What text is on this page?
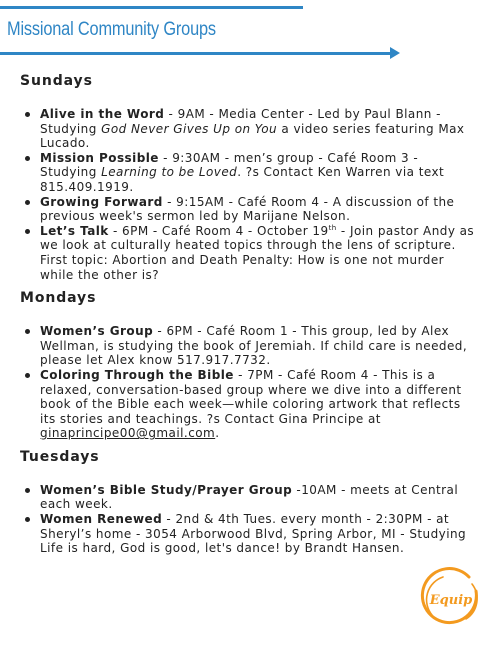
Missional Community Groups
Sundays
Alive in the Word - 9AM - Media Center - Led by Paul Blann - Studying God Never Gives Up on You a video series featuring Max Lucado.
Mission Possible - 9:30AM - men’s group - Café Room 3 - Studying Learning to be Loved. ?s Contact Ken Warren via text 815.409.1919.
Growing Forward - 9:15AM - Café Room 4 - A discussion of the previous week's sermon led by Marijane Nelson.
Let’s Talk - 6PM - Café Room 4 - October 19th - Join pastor Andy as we look at culturally heated topics through the lens of scripture. First topic: Abortion and Death Penalty: How is one not murder while the other is?
Mondays
Women’s Group - 6PM - Café Room 1 - This group, led by Alex Wellman, is studying the book of Jeremiah. If child care is needed, please let Alex know 517.917.7732.
Coloring Through the Bible - 7PM - Café Room 4 - This is a relaxed, conversation-based group where we dive into a different book of the Bible each week—while coloring artwork that reflects its stories and teachings. ?s Contact Gina Principe at ginaprincipe00@gmail.com.
Tuesdays
Women’s Bible Study/Prayer Group -10AM - meets at Central each week.
Women Renewed - 2nd & 4th Tues. every month - 2:30PM - at Sheryl’s home - 3054 Arborwood Blvd, Spring Arbor, MI - Studying Life is hard, God is good, let's dance! by Brandt Hansen.
Equip
